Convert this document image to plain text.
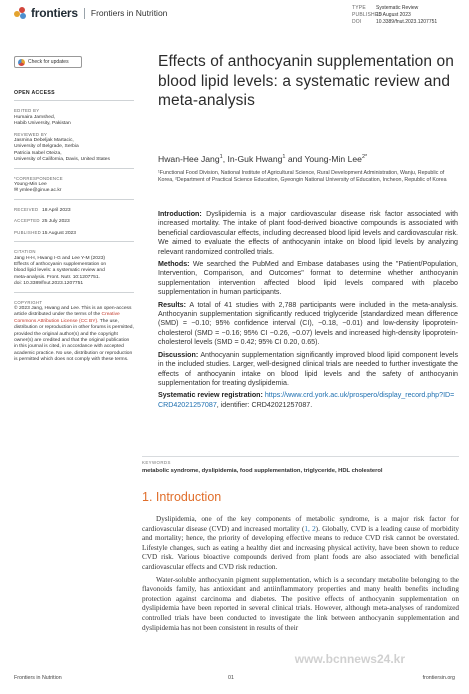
frontiers Frontiers in Nutrition	TYPE Systematic Review
PUBLISHED15 August 2023
DOI	10.3389/fnut.2023.1207751
Check for updates
OPEN ACCESS
EDITED BY
Humaira Jamshed,
Habib University, Pakistan
REVIEWED BY
Jasmina Debeljak Martacic,
University of Belgrade, Serbia
Patricia Isabel Oteiza,
University of California, Davis, United States
*CORRESPONDENCE
Young-Min Lee
✉ ymlee@ginue.ac.kr
RECEIVED 18 April 2023
ACCEPTED 25 July 2023
PUBLISHED15 August 2023
CITATION
Jang H-H, Hwang I-G and Lee Y-M (2023)
Effects of anthocyanin supplementation on
blood lipid levels: a systematic review and
meta-analysis. Front. Nutr. 10:1207751.
doi: 10.3389/fnut.2023.1207751
COPYRIGHT
© 2023 Jang, Hwang and Lee. This is an open-access article distributed under the terms of the Creative Commons Attribution License (CC BY). The use, distribution or reproduction in other forums is permitted, provided the original author(s) and the copyright owner(s) are credited and that the original publication in this journal is cited, in accordance with accepted academic practice. No use, distribution or reproduction is permitted which does not comply with these terms.
Effects of anthocyanin supplementation on blood lipid levels: a systematic review and meta-analysis
Hwan-Hee Jang$^1$, In-Guk Hwang$^1$ and Young-Min Lee$^{2*}$
¹Functional Food Division, National Institute of Agricultural Science, Rural Development Administration, Wanju, Republic of Korea, ²Department of Practical Science Education, Gyeongin National University of Education, Incheon, Republic of Korea

Introduction: Dyslipidemia is a major cardiovascular disease risk factor associated with increased mortality. The intake of plant food-derived bioactive compounds is associated with beneficial cardiovascular effects, including decreased blood lipid levels and cardiovascular risk. We aimed to evaluate the effects of anthocyanin intake on blood lipid levels by analyzing relevant randomized controlled trials.

Methods: We searched the PubMed and Embase databases using the "Patient/Population, Intervention, Comparison, and Outcomes" format to determine whether anthocyanin supplementation intervention affected blood lipid levels compared with placebo supplementation in human participants.

Results: A total of 41 studies with 2,788 participants were included in the meta-analysis. Anthocyanin supplementation significantly reduced triglyceride [standardized mean difference (SMD) = −0.10; 95% confidence interval (CI), −0.18, −0.01) and low-density lipoprotein-cholesterol (SMD = −0.16; 95% CI −0.26, −0.07) levels and increased high-density lipoprotein-cholesterol levels (SMD = 0.42; 95% CI 0.20, 0.65).

Discussion: Anthocyanin supplementation significantly improved blood lipid component levels in the included studies. Larger, well-designed clinical trials are needed to further investigate the effects of anthocyanin intake on blood lipid levels and the safety of anthocyanin supplementation for treating dyslipidemia.

Systematic review registration: https://www.crd.york.ac.uk/prospero/display_record.php?ID=CRD42021257087, identifier: CRD42021257087.

KEYWORDS
metabolic syndrome, dyslipidemia, food supplementation, triglyceride, HDL cholesterol
1. Introduction

Dyslipidemia, one of the key components of metabolic syndrome, is a major risk factor for cardiovascular disease (CVD) and increased mortality (1, 2). Globally, CVD is a leading cause of morbidity and mortality; hence, the priority of developing effective means to reduce CVD risk cannot be overstated. Lifestyle changes, such as eating a healthy diet and increasing physical activity, have been shown to reduce CVD risk. Various bioactive compounds derived from plant foods are also associated with beneficial cardiovascular effects and CVD risk reduction.

Water-soluble anthocyanin pigment supplementation, which is a secondary metabolite belonging to the flavonoids family, has antioxidant and antiinflammatory properties and many health benefits including protection against carcinoma and diabetes. The positive effects of anthocyanin supplementation on dyslipidemia have been reported in several clinical trials. However, although meta-analyses of randomized controlled trials have been conducted to investigate the link between anthocyanin supplementation and dyslipidemia has not been consistent in results of their

www.bcnnews24.kr
Frontiers in Nutrition	01	frontiersin.org
